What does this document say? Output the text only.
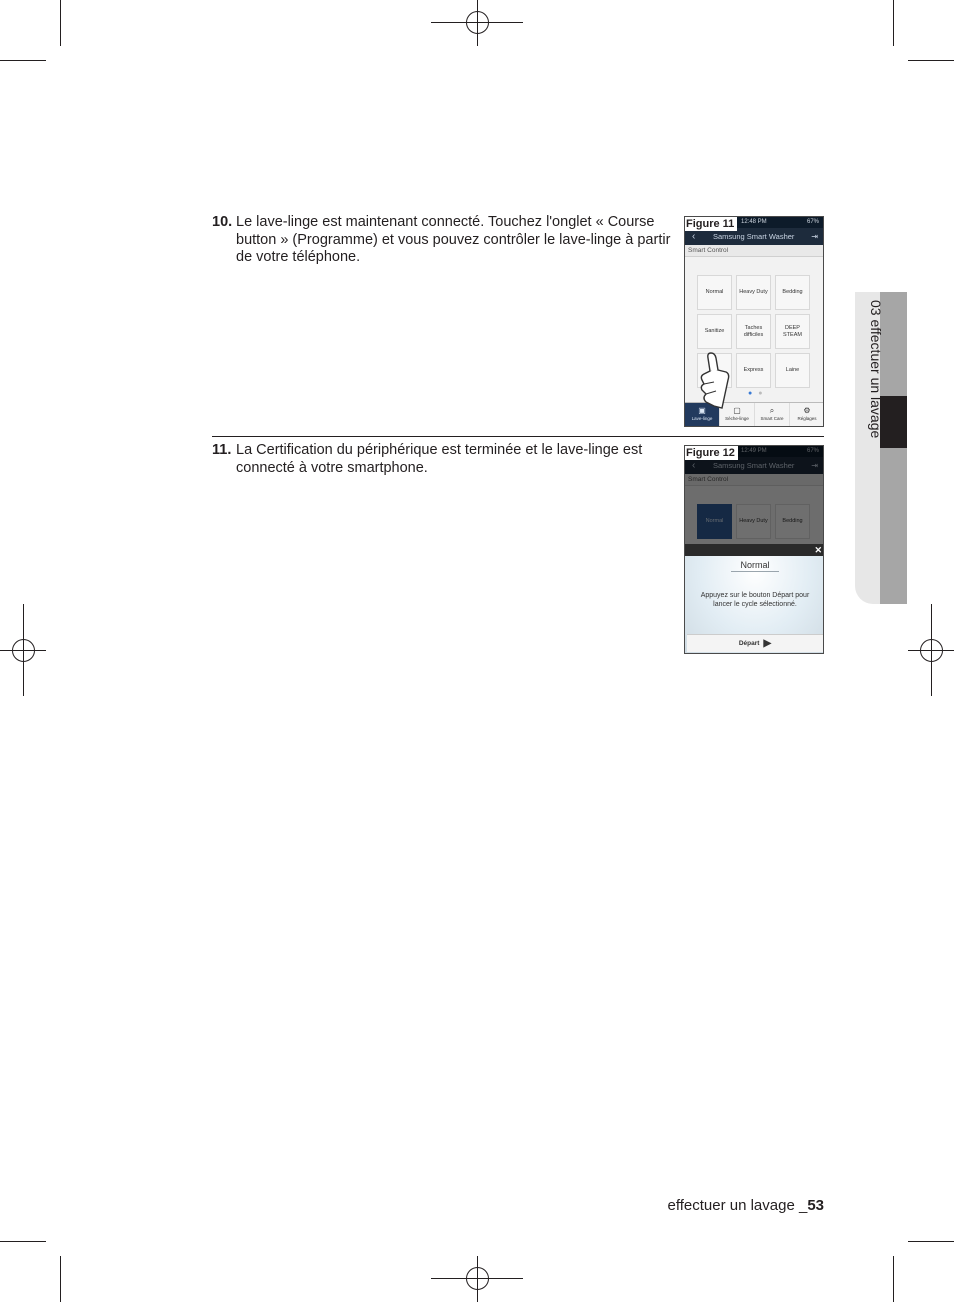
10. Le lave-linge est maintenant connecté. Touchez l'onglet « Course button » (Programme) et vous pouvez contrôler le lave-linge à partir de votre téléphone.
Figure 11	12:48 PM	67%
‹ Samsung Smart Washer ⇥
Smart Control
Normal	Heavy Duty	Bedding
Sanitize
Taches difficiles
DEEP STEAM
Express	Laine
● ●
▣
Lave-linge
▢
Sèche-linge
⌕
Smart Care
⚙
Réglages
11. La Certification du périphérique est terminée et le lave-linge est connecté à votre smartphone.
Figure 12
✕
Normal
Appuyez sur le bouton Départ pour lancer le cycle sélectionné.
Départ ▶
03 effectuer un lavage
effectuer un lavage _53
